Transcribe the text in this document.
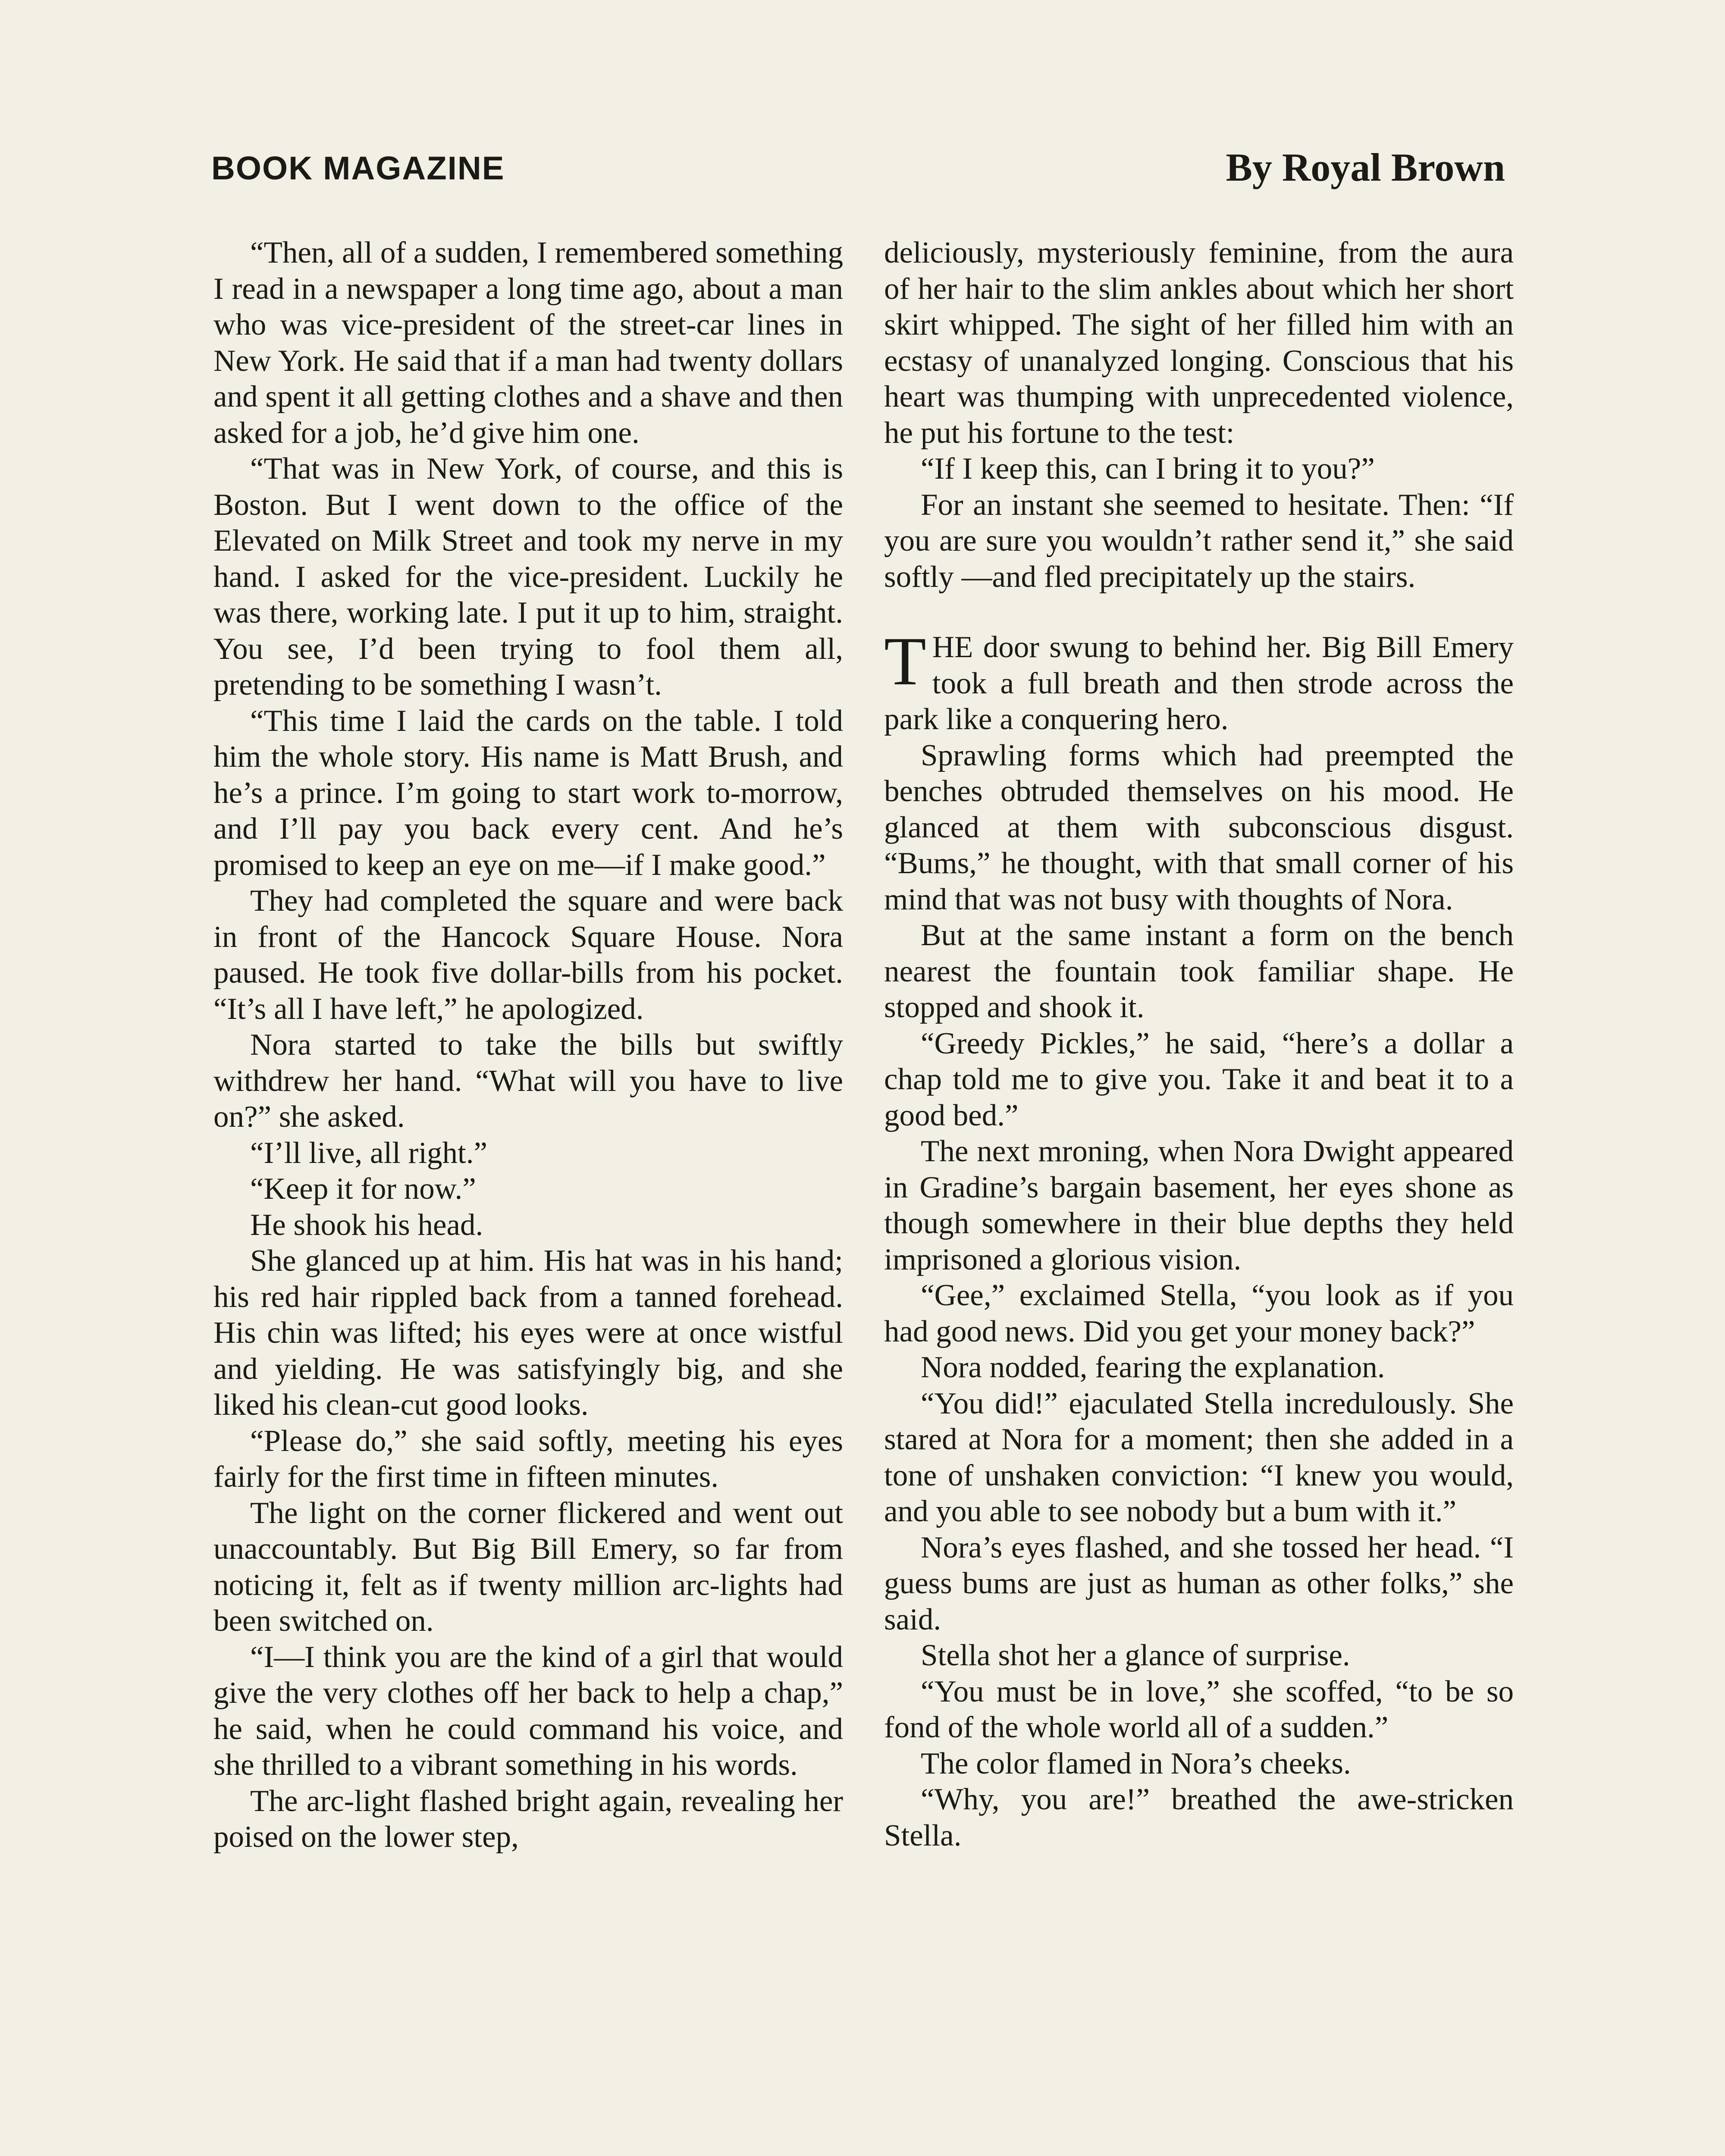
BOOK MAGAZINE	By Royal Brown

“Then, all of a sudden, I remembered something I read in a newspaper a long time ago, about a man who was vice-president of the street-car lines in New York. He said that if a man had twenty dollars and spent it all getting clothes and a shave and then asked for a job, he’d give him one.

“That was in New York, of course, and this is Boston. But I went down to the office of the Elevated on Milk Street and took my nerve in my hand. I asked for the vice-president. Luckily he was there, working late. I put it up to him, straight. You see, I’d been trying to fool them all, pretending to be something I wasn’t.

“This time I laid the cards on the table. I told him the whole story. His name is Matt Brush, and he’s a prince. I’m going to start work to-morrow, and I’ll pay you back every cent. And he’s promised to keep an eye on me—if I make good.”

They had completed the square and were back in front of the Hancock Square House. Nora paused. He took five dollar-bills from his pocket. “It’s all I have left,” he apologized.

Nora started to take the bills but swiftly withdrew her hand. “What will you have to live on?” she asked.

“I’ll live, all right.”

“Keep it for now.”

He shook his head.

She glanced up at him. His hat was in his hand; his red hair rippled back from a tanned forehead. His chin was lifted; his eyes were at once wistful and yielding. He was satisfyingly big, and she liked his clean-cut good looks.

“Please do,” she said softly, meeting his eyes fairly for the first time in fifteen minutes.

The light on the corner flickered and went out unaccountably. But Big Bill Emery, so far from noticing it, felt as if twenty million arc-lights had been switched on.

“I—I think you are the kind of a girl that would give the very clothes off her back to help a chap,” he said, when he could command his voice, and she thrilled to a vibrant something in his words.

The arc-light flashed bright again, revealing her poised on the lower step,

deliciously, mysteriously feminine, from the aura of her hair to the slim ankles about which her short skirt whipped. The sight of her filled him with an ecstasy of unanalyzed longing. Conscious that his heart was thumping with unprecedented violence, he put his fortune to the test:

“If I keep this, can I bring it to you?”

For an instant she seemed to hesitate. Then: “If you are sure you wouldn’t rather send it,” she said softly —and fled precipitately up the stairs.

THE door swung to behind her. Big Bill Emery took a full breath and then strode across the park like a conquering hero.

Sprawling forms which had preempted the benches obtruded themselves on his mood. He glanced at them with subconscious disgust. “Bums,” he thought, with that small corner of his mind that was not busy with thoughts of Nora.

But at the same instant a form on the bench nearest the fountain took familiar shape. He stopped and shook it.

“Greedy Pickles,” he said, “here’s a dollar a chap told me to give you. Take it and beat it to a good bed.”

The next mroning, when Nora Dwight appeared in Gradine’s bargain basement, her eyes shone as though somewhere in their blue depths they held imprisoned a glorious vision.

“Gee,” exclaimed Stella, “you look as if you had good news. Did you get your money back?”

Nora nodded, fearing the explanation.

“You did!” ejaculated Stella incredulously. She stared at Nora for a moment; then she added in a tone of unshaken conviction: “I knew you would, and you able to see nobody but a bum with it.”

Nora’s eyes flashed, and she tossed her head. “I guess bums are just as human as other folks,” she said.

Stella shot her a glance of surprise.

“You must be in love,” she scoffed, “to be so fond of the whole world all of a sudden.”

The color flamed in Nora’s cheeks.

“Why, you are!” breathed the awe-stricken Stella.
